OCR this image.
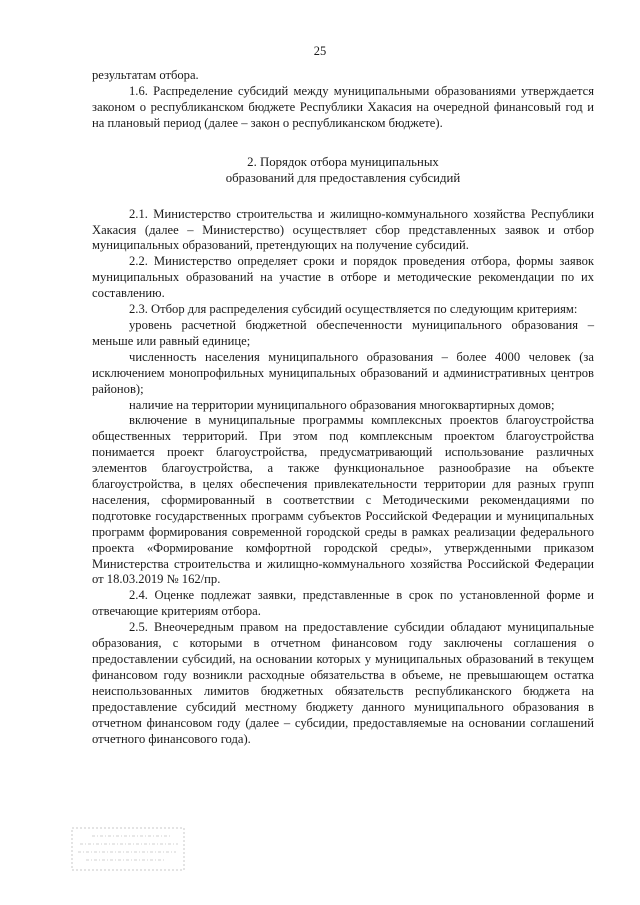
25

результатам отбора.

1.6. Распределение субсидий между муниципальными образованиями утверждается законом о республиканском бюджете Республики Хакасия на очередной финансовый год и на плановый период (далее – закон о республиканском бюджете).

2. Порядок отбора муниципальных
образований для предоставления субсидий

2.1. Министерство строительства и жилищно-коммунального хозяйства Республики Хакасия (далее – Министерство) осуществляет сбор представленных заявок и отбор муниципальных образований, претендующих на получение субсидий.

2.2. Министерство определяет сроки и порядок проведения отбора, формы заявок муниципальных образований на участие в отборе и методические рекомендации по их составлению.

2.3. Отбор для распределения субсидий осуществляется по следующим критериям:

уровень расчетной бюджетной обеспеченности муниципального образования – меньше или равный единице;

численность населения муниципального образования – более 4000 человек (за исключением монопрофильных муниципальных образований и административных центров районов);

наличие на территории муниципального образования многоквартирных домов;

включение в муниципальные программы комплексных проектов благоустройства общественных территорий. При этом под комплексным проектом благоустройства понимается проект благоустройства, предусматривающий использование различных элементов благоустройства, а также функциональное разнообразие на объекте благоустройства, в целях обеспечения привлекательности территории для разных групп населения, сформированный в соответствии с Методическими рекомендациями по подготовке государственных программ субъектов Российской Федерации и муниципальных программ формирования современной городской среды в рамках реализации федерального проекта «Формирование комфортной городской среды», утвержденными приказом Министерства строительства и жилищно-коммунального хозяйства Российской Федерации от 18.03.2019 № 162/пр.

2.4. Оценке подлежат заявки, представленные в срок по установленной форме и отвечающие критериям отбора.

2.5. Внеочередным правом на предоставление субсидии обладают муниципальные образования, с которыми в отчетном финансовом году заключены соглашения о предоставлении субсидий, на основании которых у муниципальных образований в текущем финансовом году возникли расходные обязательства в объеме, не превышающем остатка неиспользованных лимитов бюджетных обязательств республиканского бюджета на предоставление субсидий местному бюджету данного муниципального образования в отчетном финансовом году (далее – субсидии, предоставляемые на основании соглашений отчетного финансового года).
